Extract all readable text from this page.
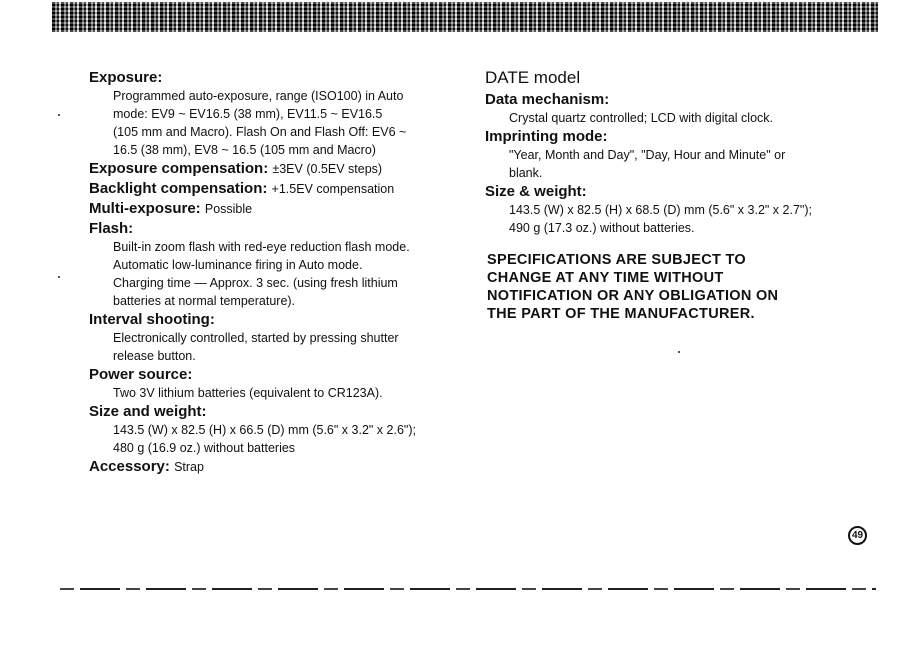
Exposure:

Programmed auto-exposure, range (ISO100) in Auto

mode: EV9 ~ EV16.5 (38 mm), EV11.5 ~ EV16.5

(105 mm and Macro). Flash On and Flash Off: EV6 ~

16.5 (38 mm), EV8 ~ 16.5 (105 mm and Macro)

Exposure compensation: ±3EV (0.5EV steps)

Backlight compensation: +1.5EV compensation

Multi-exposure: Possible

Flash:

Built-in zoom flash with red-eye reduction flash mode.

Automatic low-luminance firing in Auto mode.

Charging time — Approx. 3 sec. (using fresh lithium

batteries at normal temperature).

Interval shooting:

Electronically controlled, started by pressing shutter

release button.

Power source:

Two 3V lithium batteries (equivalent to CR123A).

Size and weight:

143.5 (W) x 82.5 (H) x 66.5 (D) mm (5.6" x 3.2" x 2.6");

480 g (16.9 oz.) without batteries

Accessory: Strap

DATE model

Data mechanism:

Crystal quartz controlled; LCD with digital clock.

Imprinting mode:

"Year, Month and Day", "Day, Hour and Minute" or

blank.

Size & weight:

143.5 (W) x 82.5 (H) x 68.5 (D) mm (5.6" x 3.2" x 2.7");

490 g (17.3 oz.) without batteries.

SPECIFICATIONS ARE SUBJECT TO
CHANGE AT ANY TIME WITHOUT
NOTIFICATION OR ANY OBLIGATION ON
THE PART OF THE MANUFACTURER.
49
